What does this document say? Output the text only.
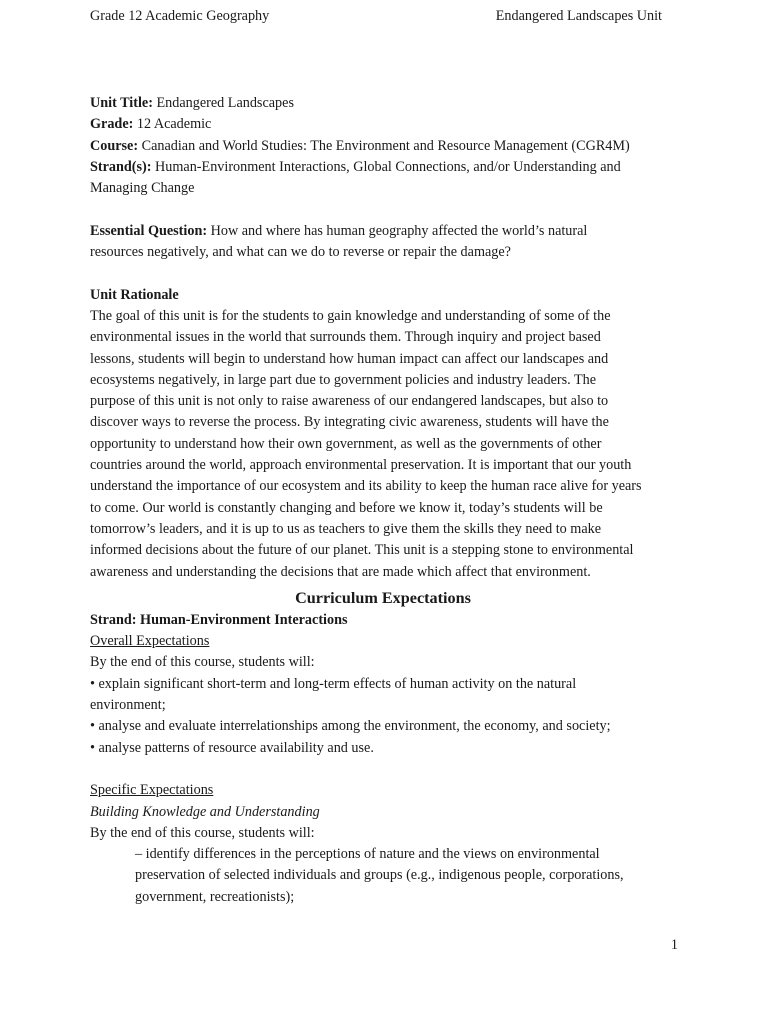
Grade 12 Academic Geography	Endangered Landscapes Unit
Unit Title: Endangered Landscapes
Grade: 12 Academic
Course: Canadian and World Studies: The Environment and Resource Management (CGR4M)
Strand(s): Human-Environment Interactions, Global Connections, and/or Understanding and
Managing Change
Essential Question: How and where has human geography affected the world’s natural
resources negatively, and what can we do to reverse or repair the damage?
Unit Rationale
The goal of this unit is for the students to gain knowledge and understanding of some of the
environmental issues in the world that surrounds them. Through inquiry and project based
lessons, students will begin to understand how human impact can affect our landscapes and
ecosystems negatively, in large part due to government policies and industry leaders. The
purpose of this unit is not only to raise awareness of our endangered landscapes, but also to
discover ways to reverse the process. By integrating civic awareness, students will have the
opportunity to understand how their own government, as well as the governments of other
countries around the world, approach environmental preservation. It is important that our youth
understand the importance of our ecosystem and its ability to keep the human race alive for years
to come. Our world is constantly changing and before we know it, today’s students will be
tomorrow’s leaders, and it is up to us as teachers to give them the skills they need to make
informed decisions about the future of our planet. This unit is a stepping stone to environmental
awareness and understanding the decisions that are made which affect that environment.
Curriculum Expectations
Strand: Human-Environment Interactions
Overall Expectations
By the end of this course, students will:
• explain significant short-term and long-term effects of human activity on the natural
environment;
• analyse and evaluate interrelationships among the environment, the economy, and society;
• analyse patterns of resource availability and use.
Specific Expectations
Building Knowledge and Understanding
By the end of this course, students will:
– identify differences in the perceptions of nature and the views on environmental
preservation of selected individuals and groups (e.g., indigenous people, corporations,
government, recreationists);
1
